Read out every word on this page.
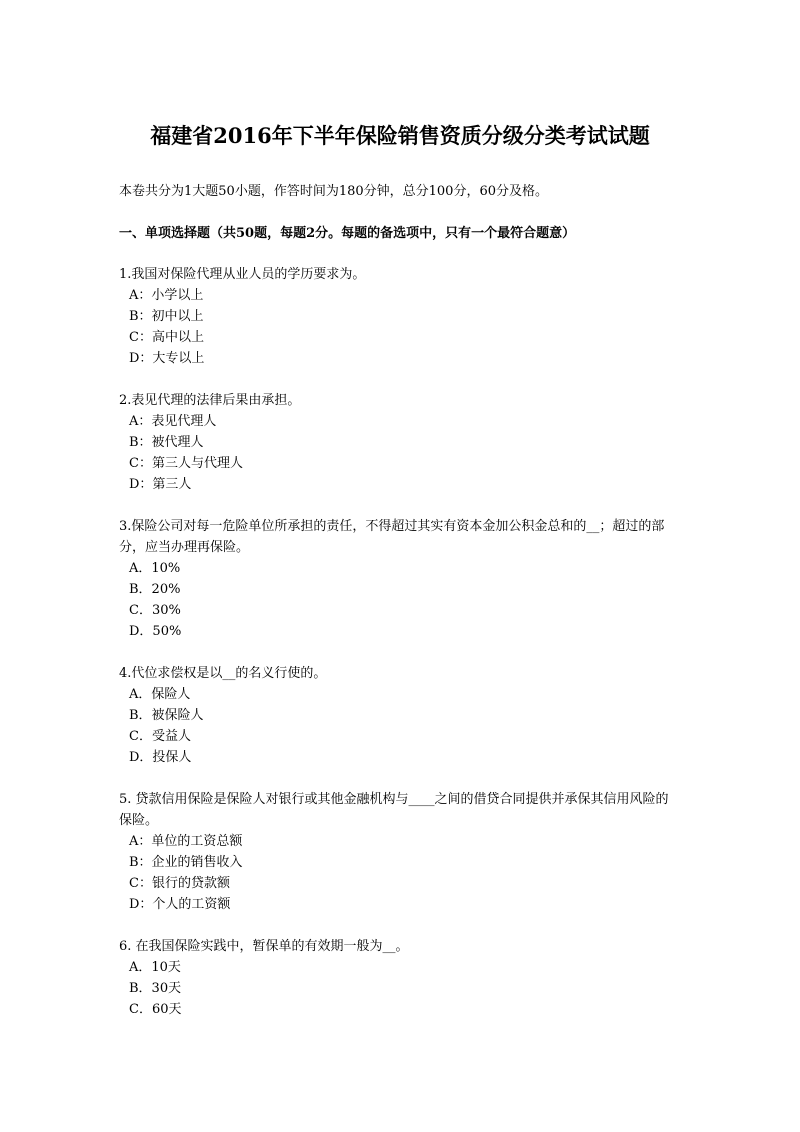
福建省2016年下半年保险销售资质分级分类考试试题
本卷共分为1大题50小题，作答时间为180分钟，总分100分，60分及格。
一、单项选择题（共50题，每题2分。每题的备选项中，只有一个最符合题意）
1.我国对保险代理从业人员的学历要求为。
A：小学以上
B：初中以上
C：高中以上
D：大专以上
2.表见代理的法律后果由承担。
A：表见代理人
B：被代理人
C：第三人与代理人
D：第三人
3.保险公司对每一危险单位所承担的责任，不得超过其实有资本金加公积金总和的__；超过的部分，应当办理再保险。
A．10%
B．20%
C．30%
D．50%
4.代位求偿权是以__的名义行使的。
A．保险人
B．被保险人
C．受益人
D．投保人
5. 贷款信用保险是保险人对银行或其他金融机构与____之间的借贷合同提供并承保其信用风险的保险。
A：单位的工资总额
B：企业的销售收入
C：银行的贷款额
D：个人的工资额
6. 在我国保险实践中，暂保单的有效期一般为__。
A．10天
B．30天
C．60天
